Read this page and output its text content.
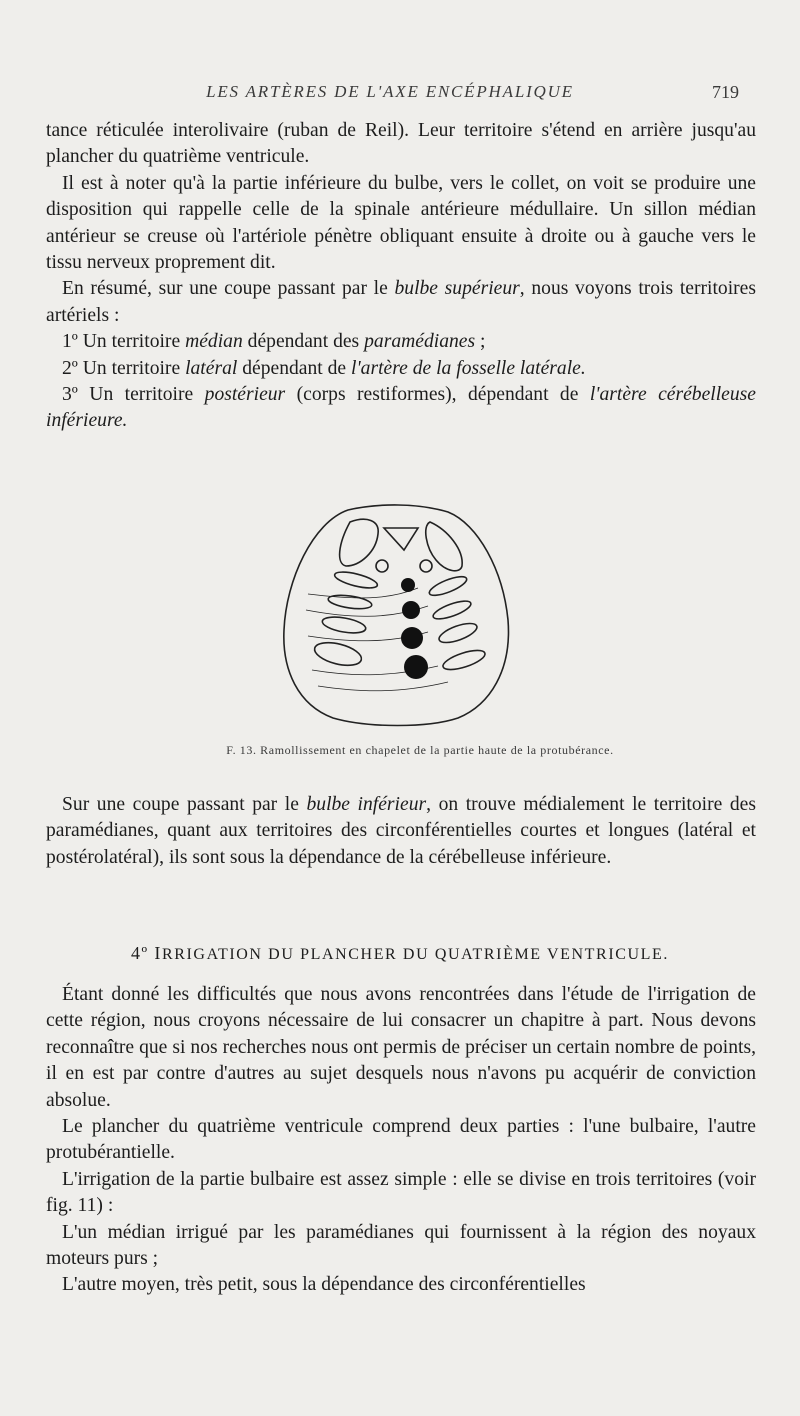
LES ARTÈRES DE L'AXE ENCÉPHALIQUE	719

tance réticulée interolivaire (ruban de Reil). Leur territoire s'étend en arrière jusqu'au plancher du quatrième ventricule.

Il est à noter qu'à la partie inférieure du bulbe, vers le collet, on voit se produire une disposition qui rappelle celle de la spinale antérieure médullaire. Un sillon médian antérieur se creuse où l'artériole pénètre obliquant ensuite à droite ou à gauche vers le tissu nerveux proprement dit.

En résumé, sur une coupe passant par le bulbe supérieur, nous voyons trois territoires artériels :

1º Un territoire médian dépendant des paramédianes ;

2º Un territoire latéral dépendant de l'artère de la fosselle latérale.

3º Un territoire postérieur (corps restiformes), dépendant de l'artère cérébelleuse inférieure.

F. 13. Ramollissement en chapelet de la partie haute de la protubérance.

Sur une coupe passant par le bulbe inférieur, on trouve médialement le territoire des paramédianes, quant aux territoires des circonférentielles courtes et longues (latéral et postérolatéral), ils sont sous la dépendance de la cérébelleuse inférieure.

4º IRRIGATION DU PLANCHER DU QUATRIÈME VENTRICULE.

Étant donné les difficultés que nous avons rencontrées dans l'étude de l'irrigation de cette région, nous croyons nécessaire de lui consacrer un chapitre à part. Nous devons reconnaître que si nos recherches nous ont permis de préciser un certain nombre de points, il en est par contre d'autres au sujet desquels nous n'avons pu acquérir de conviction absolue.

Le plancher du quatrième ventricule comprend deux parties : l'une bulbaire, l'autre protubérantielle.

L'irrigation de la partie bulbaire est assez simple : elle se divise en trois territoires (voir fig. 11) :

L'un médian irrigué par les paramédianes qui fournissent à la région des noyaux moteurs purs ;

L'autre moyen, très petit, sous la dépendance des circonférentielles
